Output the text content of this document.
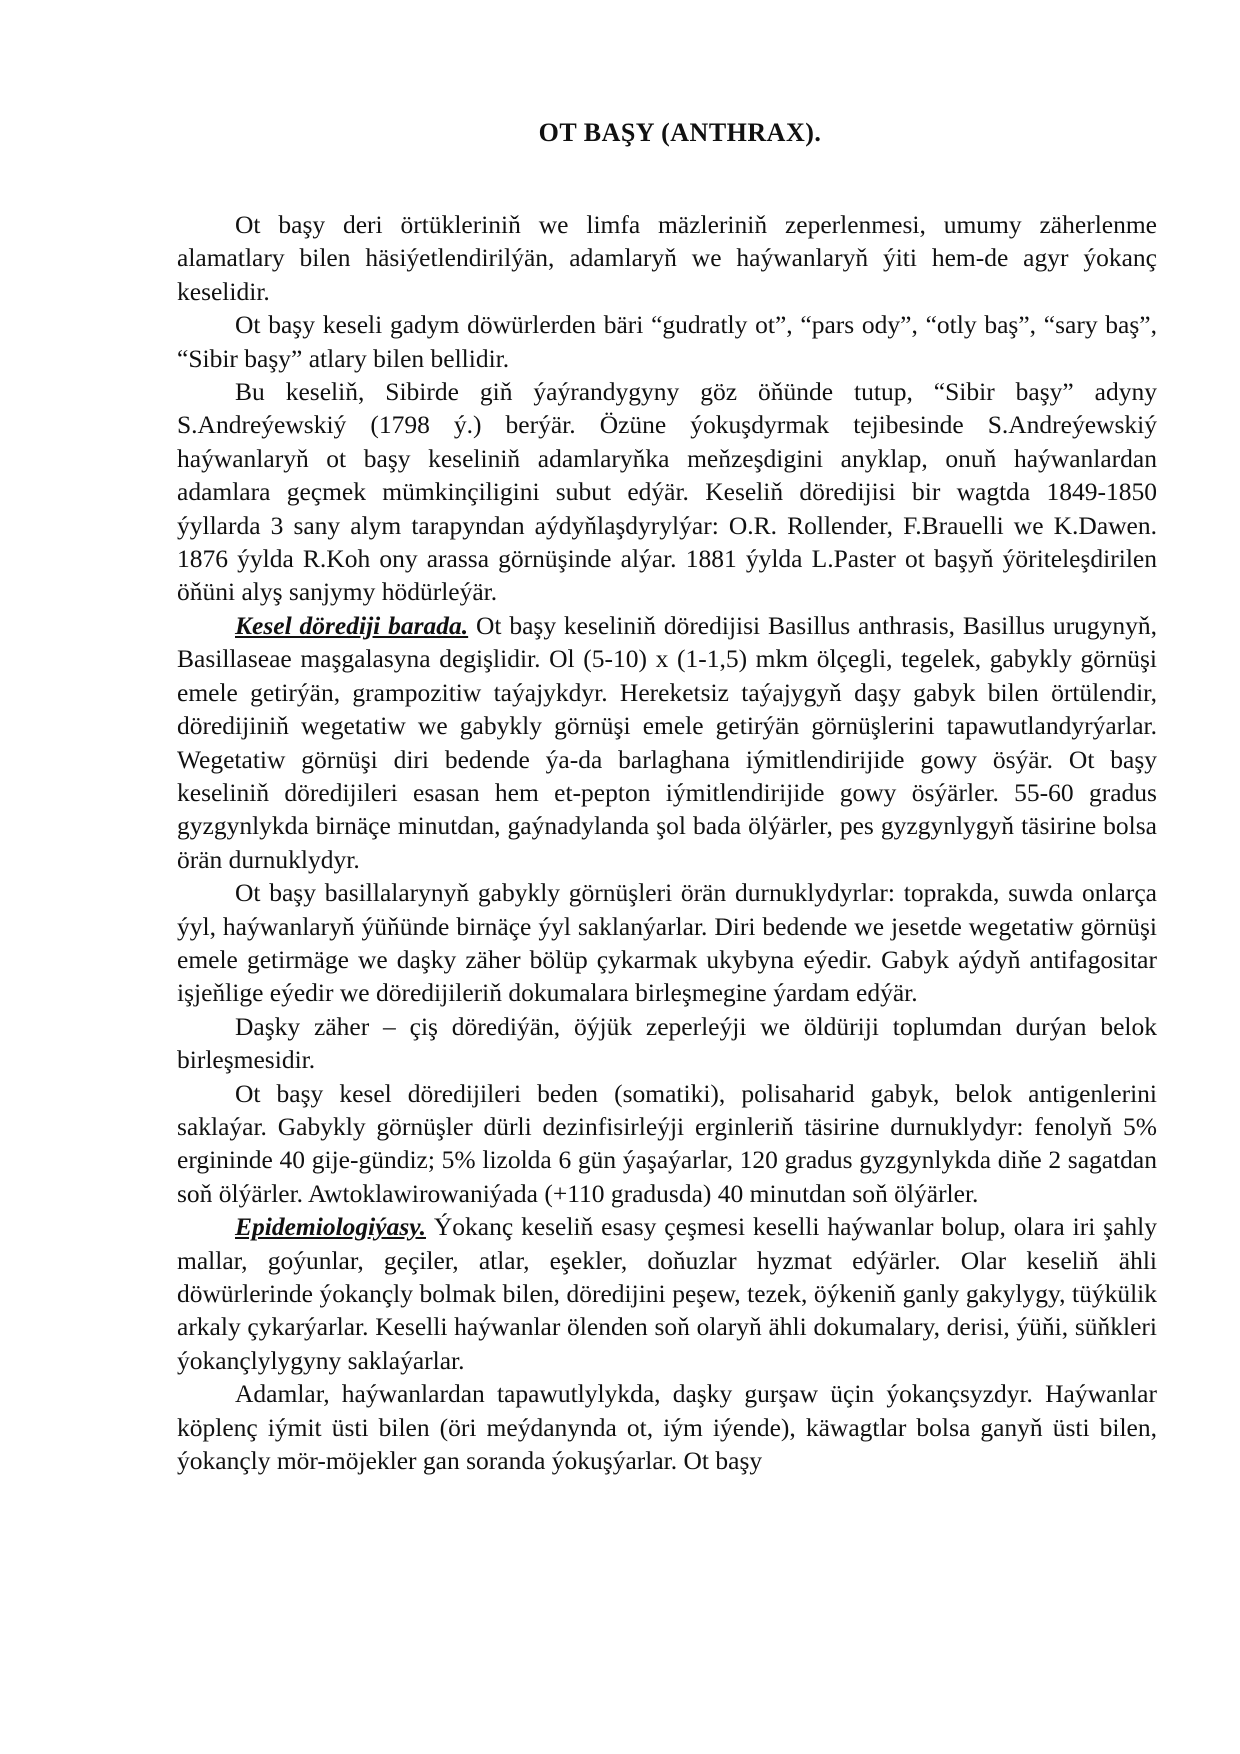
OT BAŞY (ANTHRAX).

Ot başy deri örtükleriniň we limfa mäzleriniň zeperlenmesi, umumy zäherlenme alamatlary bilen häsiýetlendirilýän, adamlaryň we haýwanlaryň ýiti hem-de agyr ýokanç keselidir.

Ot başy keseli gadym döwürlerden bäri “gudratly ot”, “pars ody”, “otly baş”, “sary baş”, “Sibir başy” atlary bilen bellidir.

Bu keseliň, Sibirde giň ýaýrandygyny göz öňünde tutup, “Sibir başy” adyny S.Andreýewskiý (1798 ý.) berýär. Özüne ýokuşdyrmak tejibesinde S.Andreýewskiý haýwanlaryň ot başy keseliniň adamlaryňka meňzeşdigini anyklap, onuň haýwanlardan adamlara geçmek mümkinçiligini subut edýär. Keseliň döredijisi bir wagtda 1849-1850 ýyllarda 3 sany alym tarapyndan aýdyňlaşdyrylýar: O.R. Rollender, F.Brauelli we K.Dawen. 1876 ýylda R.Koh ony arassa görnüşinde alýar. 1881 ýylda L.Paster ot başyň ýöriteleşdirilen öňüni alyş sanjymy hödürleýär.

Kesel dörediji barada. Ot başy keseliniň döredijisi Basillus anthrasis, Basillus urugynyň, Basillaseae maşgalasyna degişlidir. Ol (5-10) x (1-1,5) mkm ölçegli, tegelek, gabykly görnüşi emele getirýän, grampozitiw taýajykdyr. Hereketsiz taýajygyň daşy gabyk bilen örtülendir, döredijiniň wegetatiw we gabykly görnüşi emele getirýän görnüşlerini tapawutlandyrýarlar. Wegetatiw görnüşi diri bedende ýa-da barlaghana iýmitlendirijide gowy ösýär. Ot başy keseliniň döredijileri esasan hem et-pepton iýmitlendirijide gowy ösýärler. 55-60 gradus gyzgynlykda birnäçe minutdan, gaýnadylanda şol bada ölýärler, pes gyzgynlygyň täsirine bolsa örän durnuklydyr.

Ot başy basillalarynyň gabykly görnüşleri örän durnuklydyrlar: toprakda, suwda onlarça ýyl, haýwanlaryň ýüňünde birnäçe ýyl saklanýarlar. Diri bedende we jesetde wegetatiw görnüşi emele getirmäge we daşky zäher bölüp çykarmak ukybyna eýedir. Gabyk aýdyň antifagositar işjeňlige eýedir we döredijileriň dokumalara birleşmegine ýardam edýär.

Daşky zäher – çiş dörediýän, öýjük zeperleýji we öldüriji toplumdan durýan belok birleşmesidir.

Ot başy kesel döredijileri beden (somatiki), polisaharid gabyk, belok antigenlerini saklaýar. Gabykly görnüşler dürli dezinfisirleýji erginleriň täsirine durnuklydyr: fenolyň 5% ergininde 40 gije-gündiz; 5% lizolda 6 gün ýaşaýarlar, 120 gradus gyzgynlykda diňe 2 sagatdan soň ölýärler. Awtoklawirowaniýada (+110 gradusda) 40 minutdan soň ölýärler.

Epidemiologiýasy. Ýokanç keseliň esasy çeşmesi keselli haýwanlar bolup, olara iri şahly mallar, goýunlar, geçiler, atlar, eşekler, doňuzlar hyzmat edýärler. Olar keseliň ähli döwürlerinde ýokançly bolmak bilen, döredijini peşew, tezek, öýkeniň ganly gakylygy, tüýkülik arkaly çykarýarlar. Keselli haýwanlar ölenden soň olaryň ähli dokumalary, derisi, ýüňi, süňkleri ýokançlylygyny saklaýarlar.

Adamlar, haýwanlardan tapawutlylykda, daşky gurşaw üçin ýokançsyzdyr. Haýwanlar köplenç iýmit üsti bilen (öri meýdanynda ot, iým iýende), käwagtlar bolsa ganyň üsti bilen, ýokançly mör-möjekler gan soranda ýokuşýarlar. Ot başy
